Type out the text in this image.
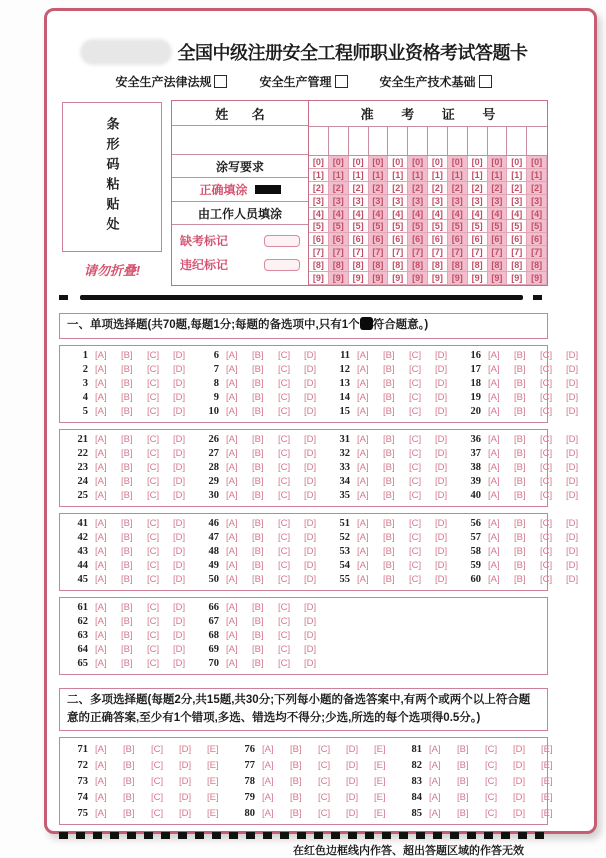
全国中级注册安全工程师职业资格考试答题卡
安全生产法律法规	安全生产管理	安全生产技术基础
条形码粘贴处
请勿折叠!
姓 名
涂写要求
正确填涂
由工作人员填涂
缺考标记
违纪标记
准 考 证 号
[0] [0] [0] [0] [0] [0] [0] [0] [0] [0] [0] [0]
[1] [1] [1] [1] [1] [1] [1] [1] [1] [1] [1] [1]
[2] [2] [2] [2] [2] [2] [2] [2] [2] [2] [2] [2]
[3] [3] [3] [3] [3] [3] [3] [3] [3] [3] [3] [3]
[4] [4] [4] [4] [4] [4] [4] [4] [4] [4] [4] [4]
[5] [5] [5] [5] [5] [5] [5] [5] [5] [5] [5] [5]
[6] [6] [6] [6] [6] [6] [6] [6] [6] [6] [6] [6]
[7] [7] [7] [7] [7] [7] [7] [7] [7] [7] [7] [7]
[8] [8] [8] [8] [8] [8] [8] [8] [8] [8] [8] [8]
[9] [9] [9] [9] [9] [9] [9] [9] [9] [9] [9] [9]
一、单项选择题(共70题,每题1分;每题的备选项中,只有1个 符合题意。)
1 [A]	[B]	[C]	[D]
2 [A]	[B]	[C]	[D]
3 [A]	[B]	[C]	[D]
4 [A]	[B]	[C]	[D]
5 [A]	[B]	[C]	[D]
6 [A]	[B]	[C]	[D]
7 [A]	[B]	[C]	[D]
8 [A]	[B]	[C]	[D]
9 [A]	[B]	[C]	[D]
10 [A]	[B]	[C]	[D]
11 [A]	[B]	[C]	[D]
12 [A]	[B]	[C]	[D]
13 [A]	[B]	[C]	[D]
14 [A]	[B]	[C]	[D]
15 [A]	[B]	[C]	[D]
16 [A]	[B]	[C]	[D]
17 [A]	[B]	[C]	[D]
18 [A]	[B]	[C]	[D]
19 [A]	[B]	[C]	[D]
20 [A]	[B]	[C]	[D]
21 [A]	[B]	[C]	[D]
22 [A]	[B]	[C]	[D]
23 [A]	[B]	[C]	[D]
24 [A]	[B]	[C]	[D]
25 [A]	[B]	[C]	[D]
26 [A]	[B]	[C]	[D]
27 [A]	[B]	[C]	[D]
28 [A]	[B]	[C]	[D]
29 [A]	[B]	[C]	[D]
30 [A]	[B]	[C]	[D]
31 [A]	[B]	[C]	[D]
32 [A]	[B]	[C]	[D]
33 [A]	[B]	[C]	[D]
34 [A]	[B]	[C]	[D]
35 [A]	[B]	[C]	[D]
36 [A]	[B]	[C]	[D]
37 [A]	[B]	[C]	[D]
38 [A]	[B]	[C]	[D]
39 [A]	[B]	[C]	[D]
40 [A]	[B]	[C]	[D]
41 [A]	[B]	[C]	[D]
42 [A]	[B]	[C]	[D]
43 [A]	[B]	[C]	[D]
44 [A]	[B]	[C]	[D]
45 [A]	[B]	[C]	[D]
46 [A]	[B]	[C]	[D]
47 [A]	[B]	[C]	[D]
48 [A]	[B]	[C]	[D]
49 [A]	[B]	[C]	[D]
50 [A]	[B]	[C]	[D]
51 [A]	[B]	[C]	[D]
52 [A]	[B]	[C]	[D]
53 [A]	[B]	[C]	[D]
54 [A]	[B]	[C]	[D]
55 [A]	[B]	[C]	[D]
56 [A]	[B]	[C]	[D]
57 [A]	[B]	[C]	[D]
58 [A]	[B]	[C]	[D]
59 [A]	[B]	[C]	[D]
60 [A]	[B]	[C]	[D]
61 [A]	[B]	[C]	[D]
62 [A]	[B]	[C]	[D]
63 [A]	[B]	[C]	[D]
64 [A]	[B]	[C]	[D]
65 [A]	[B]	[C]	[D]
66 [A]	[B]	[C]	[D]
67 [A]	[B]	[C]	[D]
68 [A]	[B]	[C]	[D]
69 [A]	[B]	[C]	[D]
70 [A]	[B]	[C]	[D]
二、多项选择题(每题2分,共15题,共30分;下列每小题的备选答案中,有两个或两个以上符合题意的正确答案,至少有1个错项,多选、错选均不得分;少选,所选的每个选项得0.5分。)
71 [A]	[B]	[C]	[D]	[E]
72 [A]	[B]	[C]	[D]	[E]
73 [A]	[B]	[C]	[D]	[E]
74 [A]	[B]	[C]	[D]	[E]
75 [A]	[B]	[C]	[D]	[E]
76 [A]	[B]	[C]	[D]	[E]
77 [A]	[B]	[C]	[D]	[E]
78 [A]	[B]	[C]	[D]	[E]
79 [A]	[B]	[C]	[D]	[E]
80 [A]	[B]	[C]	[D]	[E]
81 [A]	[B]	[C]	[D]	[E]
82 [A]	[B]	[C]	[D]	[E]
83 [A]	[B]	[C]	[D]	[E]
84 [A]	[B]	[C]	[D]	[E]
85 [A]	[B]	[C]	[D]	[E]
在红色边框线内作答、超出答题区域的作答无效
